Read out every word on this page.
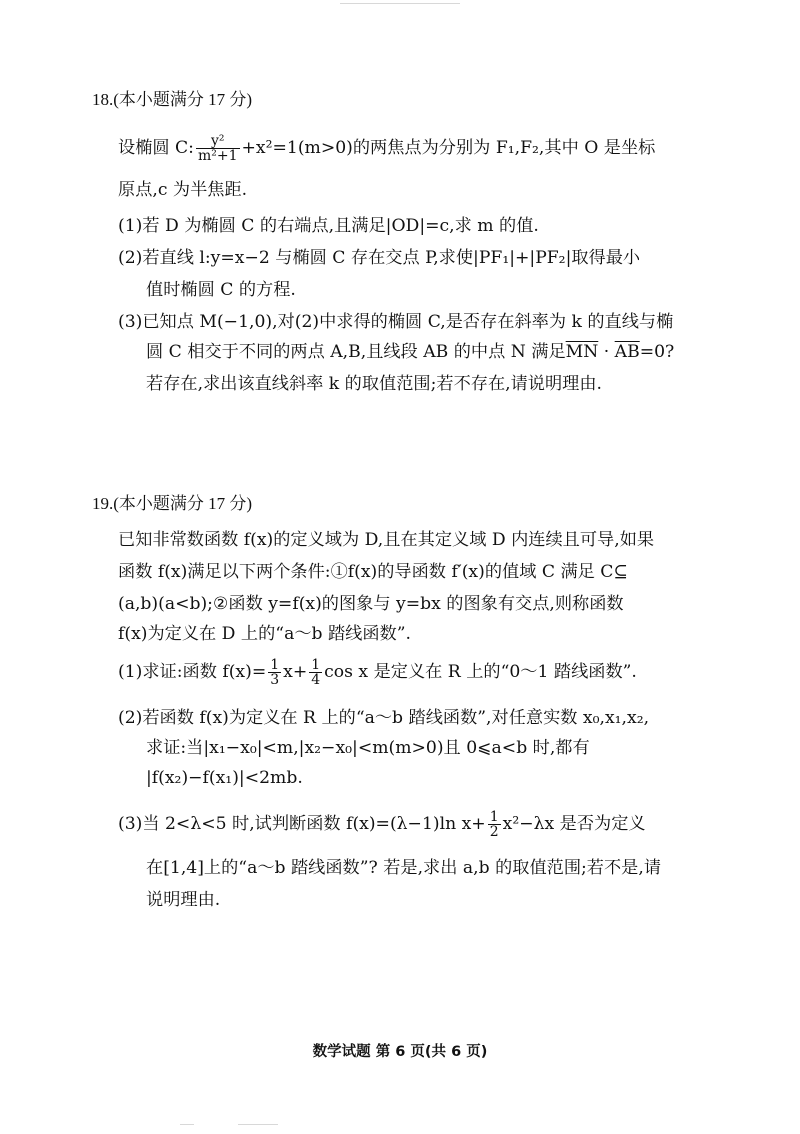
18.(本小题满分 17 分)
设椭圆 C: $\frac{\text{y²}}{\text{m²+1}} +x^2=1(m>0)$的两焦点为分别为 F₁,F₂,其中 O 是坐标
原点,c 为半焦距.
(1)若 D 为椭圆 C 的右端点,且满足|OD|=c,求 m 的值.
(2)若直线 l:y=x−2 与椭圆 C 存在交点 P,求使|PF₁|+|PF₂|取得最小
值时椭圆 C 的方程.
(3)已知点 M(−1,0),对(2)中求得的椭圆 C,是否存在斜率为 k 的直线与椭
圆 C 相交于不同的两点 A,B,且线段 AB 的中点 N 满足$\overline{MN} \cdot \overline{AB}=0$?
若存在,求出该直线斜率 k 的取值范围;若不存在,请说明理由.
19.(本小题满分 17 分)
已知非常数函数 f(x)的定义域为 D,且在其定义域 D 内连续且可导,如果
函数 f(x)满足以下两个条件:①f(x)的导函数 f′(x)的值域 C 满足 C⊆
(a,b)(a<b);②函数 y=f(x)的图象与 y=bx 的图象有交点,则称函数
f(x)为定义在 D 上的“a～b 踏线函数”.
(1)求证:函数 $f(x)= \frac{1}{3} x+ \frac{1}{4}$ cos x 是定义在 R 上的“0～1 踏线函数”.
(2)若函数 f(x)为定义在 R 上的“a～b 踏线函数”,对任意实数 x₀,x₁,x₂,
求证:当|x₁−x₀|<m,|x₂−x₀|<m(m>0)且 0⩽a<b 时,都有
|f(x₂)−f(x₁)|<2mb.
(3)当 2<λ<5 时,试判断函数 f(x)=(λ−1)ln $x+ \frac{1}{2} x^2-\lambda x$ 是否为定义
在[1,4]上的“a～b 踏线函数”? 若是,求出 a,b 的取值范围;若不是,请
说明理由.
数学试题 第 6 页(共 6 页)
